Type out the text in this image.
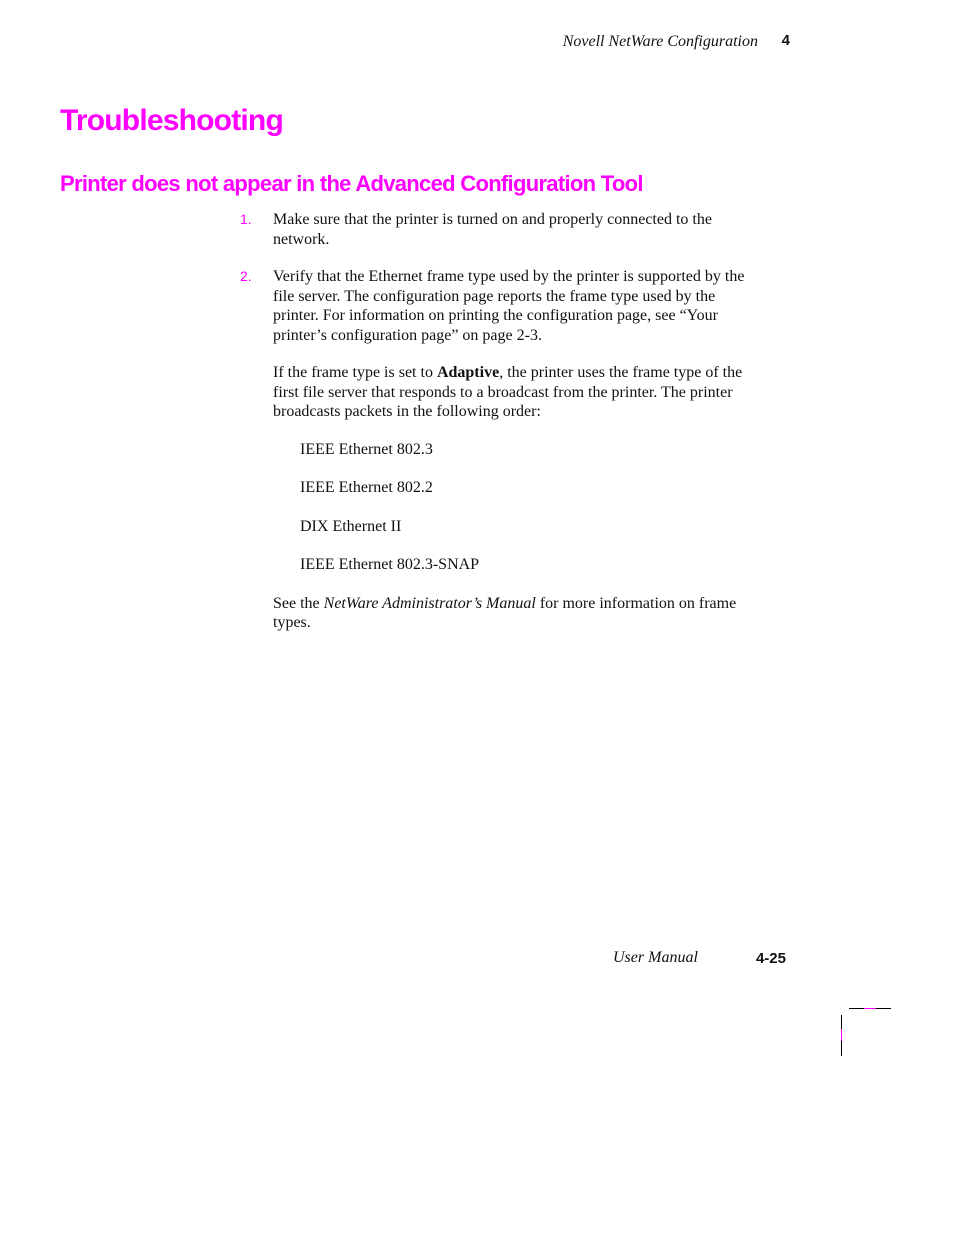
Novell NetWare Configuration 4
Troubleshooting
Printer does not appear in the Advanced Configuration Tool
1. Make sure that the printer is turned on and properly connected to the network.

2. Verify that the Ethernet frame type used by the printer is supported by the file server. The configuration page reports the frame type used by the printer. For information on printing the configuration page, see “Your printer’s configuration page” on page 2-3.

If the frame type is set to Adaptive, the printer uses the frame type of the first file server that responds to a broadcast from the printer. The printer broadcasts packets in the following order:

IEEE Ethernet 802.3
IEEE Ethernet 802.2
DIX Ethernet II
IEEE Ethernet 802.3-SNAP

See the NetWare Administrator’s Manual for more information on frame types.

User Manual	4-25
